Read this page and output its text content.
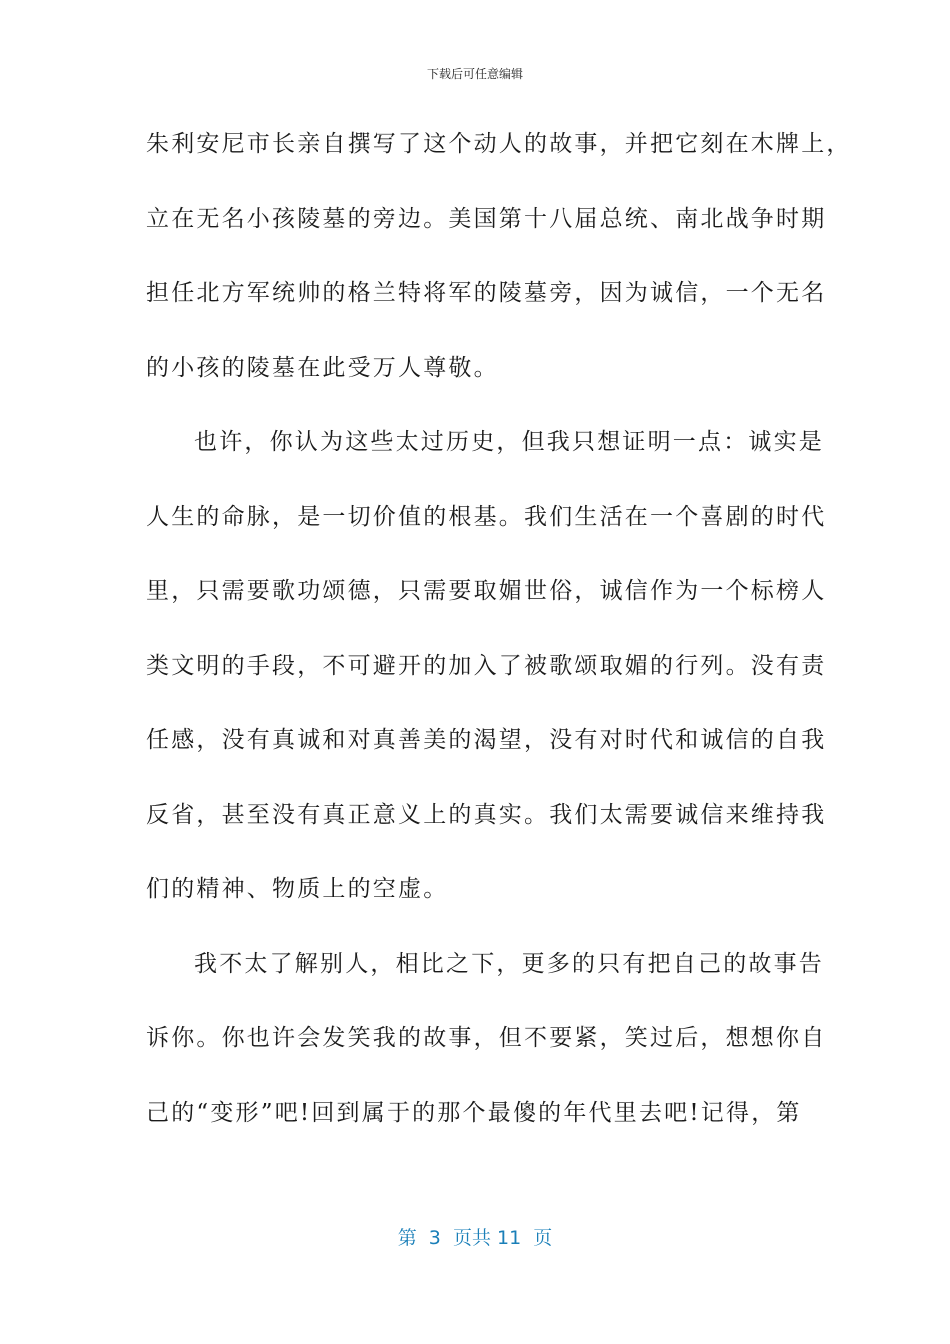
下载后可任意编辑
朱利安尼市长亲自撰写了这个动人的故事，并把它刻在木牌上，
立在无名小孩陵墓的旁边。美国第十八届总统、南北战争时期
担任北方军统帅的格兰特将军的陵墓旁，因为诚信，一个无名
的小孩的陵墓在此受万人尊敬。
也许，你认为这些太过历史，但我只想证明一点：诚实是
人生的命脉，是一切价值的根基。我们生活在一个喜剧的时代
里，只需要歌功颂德，只需要取媚世俗，诚信作为一个标榜人
类文明的手段，不可避开的加入了被歌颂取媚的行列。没有责
任感，没有真诚和对真善美的渴望，没有对时代和诚信的自我
反省，甚至没有真正意义上的真实。我们太需要诚信来维持我
们的精神、物质上的空虚。
我不太了解别人，相比之下，更多的只有把自己的故事告
诉你。你也许会发笑我的故事，但不要紧，笑过后，想想你自
己的“变形”吧!回到属于的那个最傻的年代里去吧!记得，第
第  3  页共 11  页
